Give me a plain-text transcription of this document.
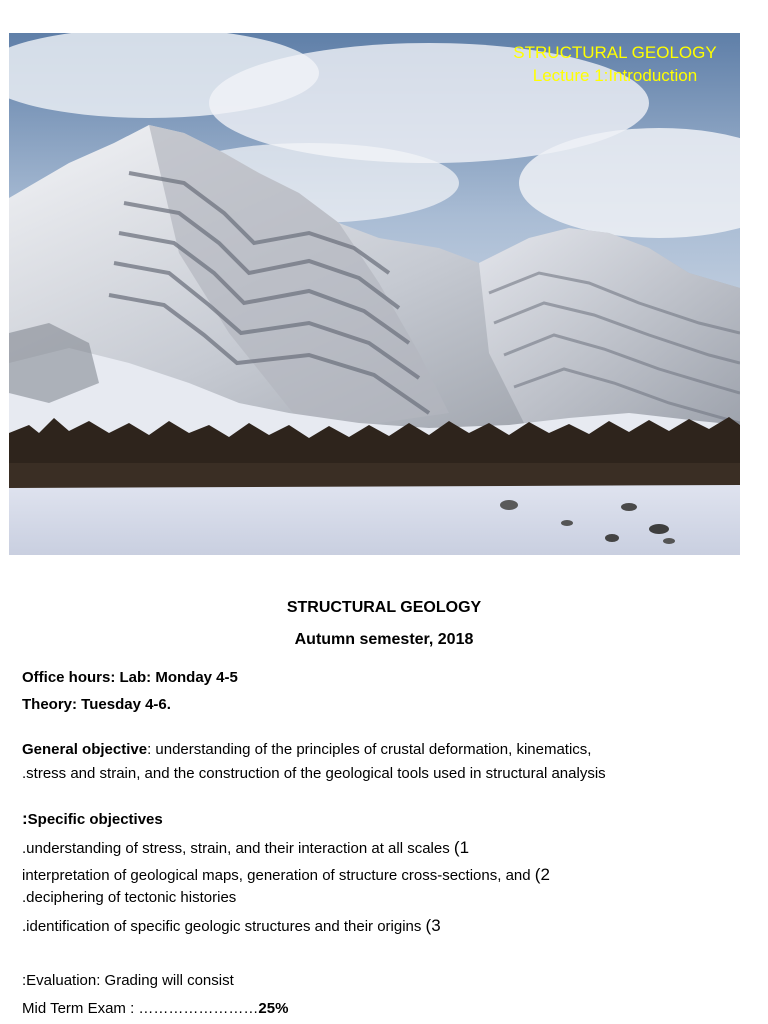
STRUCTURAL GEOLOGY
Lecture 1:Introduction
STRUCTURAL GEOLOGY
Autumn semester, 2018
Office hours: Lab: Monday 4-5
Theory: Tuesday 4-6.
General objective: understanding of the principles of crustal deformation, kinematics,
.stress and strain, and the construction of the geological tools used in structural analysis
:Specific objectives
.understanding of stress, strain, and their interaction at all scales (1
interpretation of geological maps, generation of structure cross-sections, and (2
.deciphering of tectonic histories
.identification of specific geologic structures and their origins (3
:Evaluation: Grading will consist
Mid Term Exam : ……………………25%
